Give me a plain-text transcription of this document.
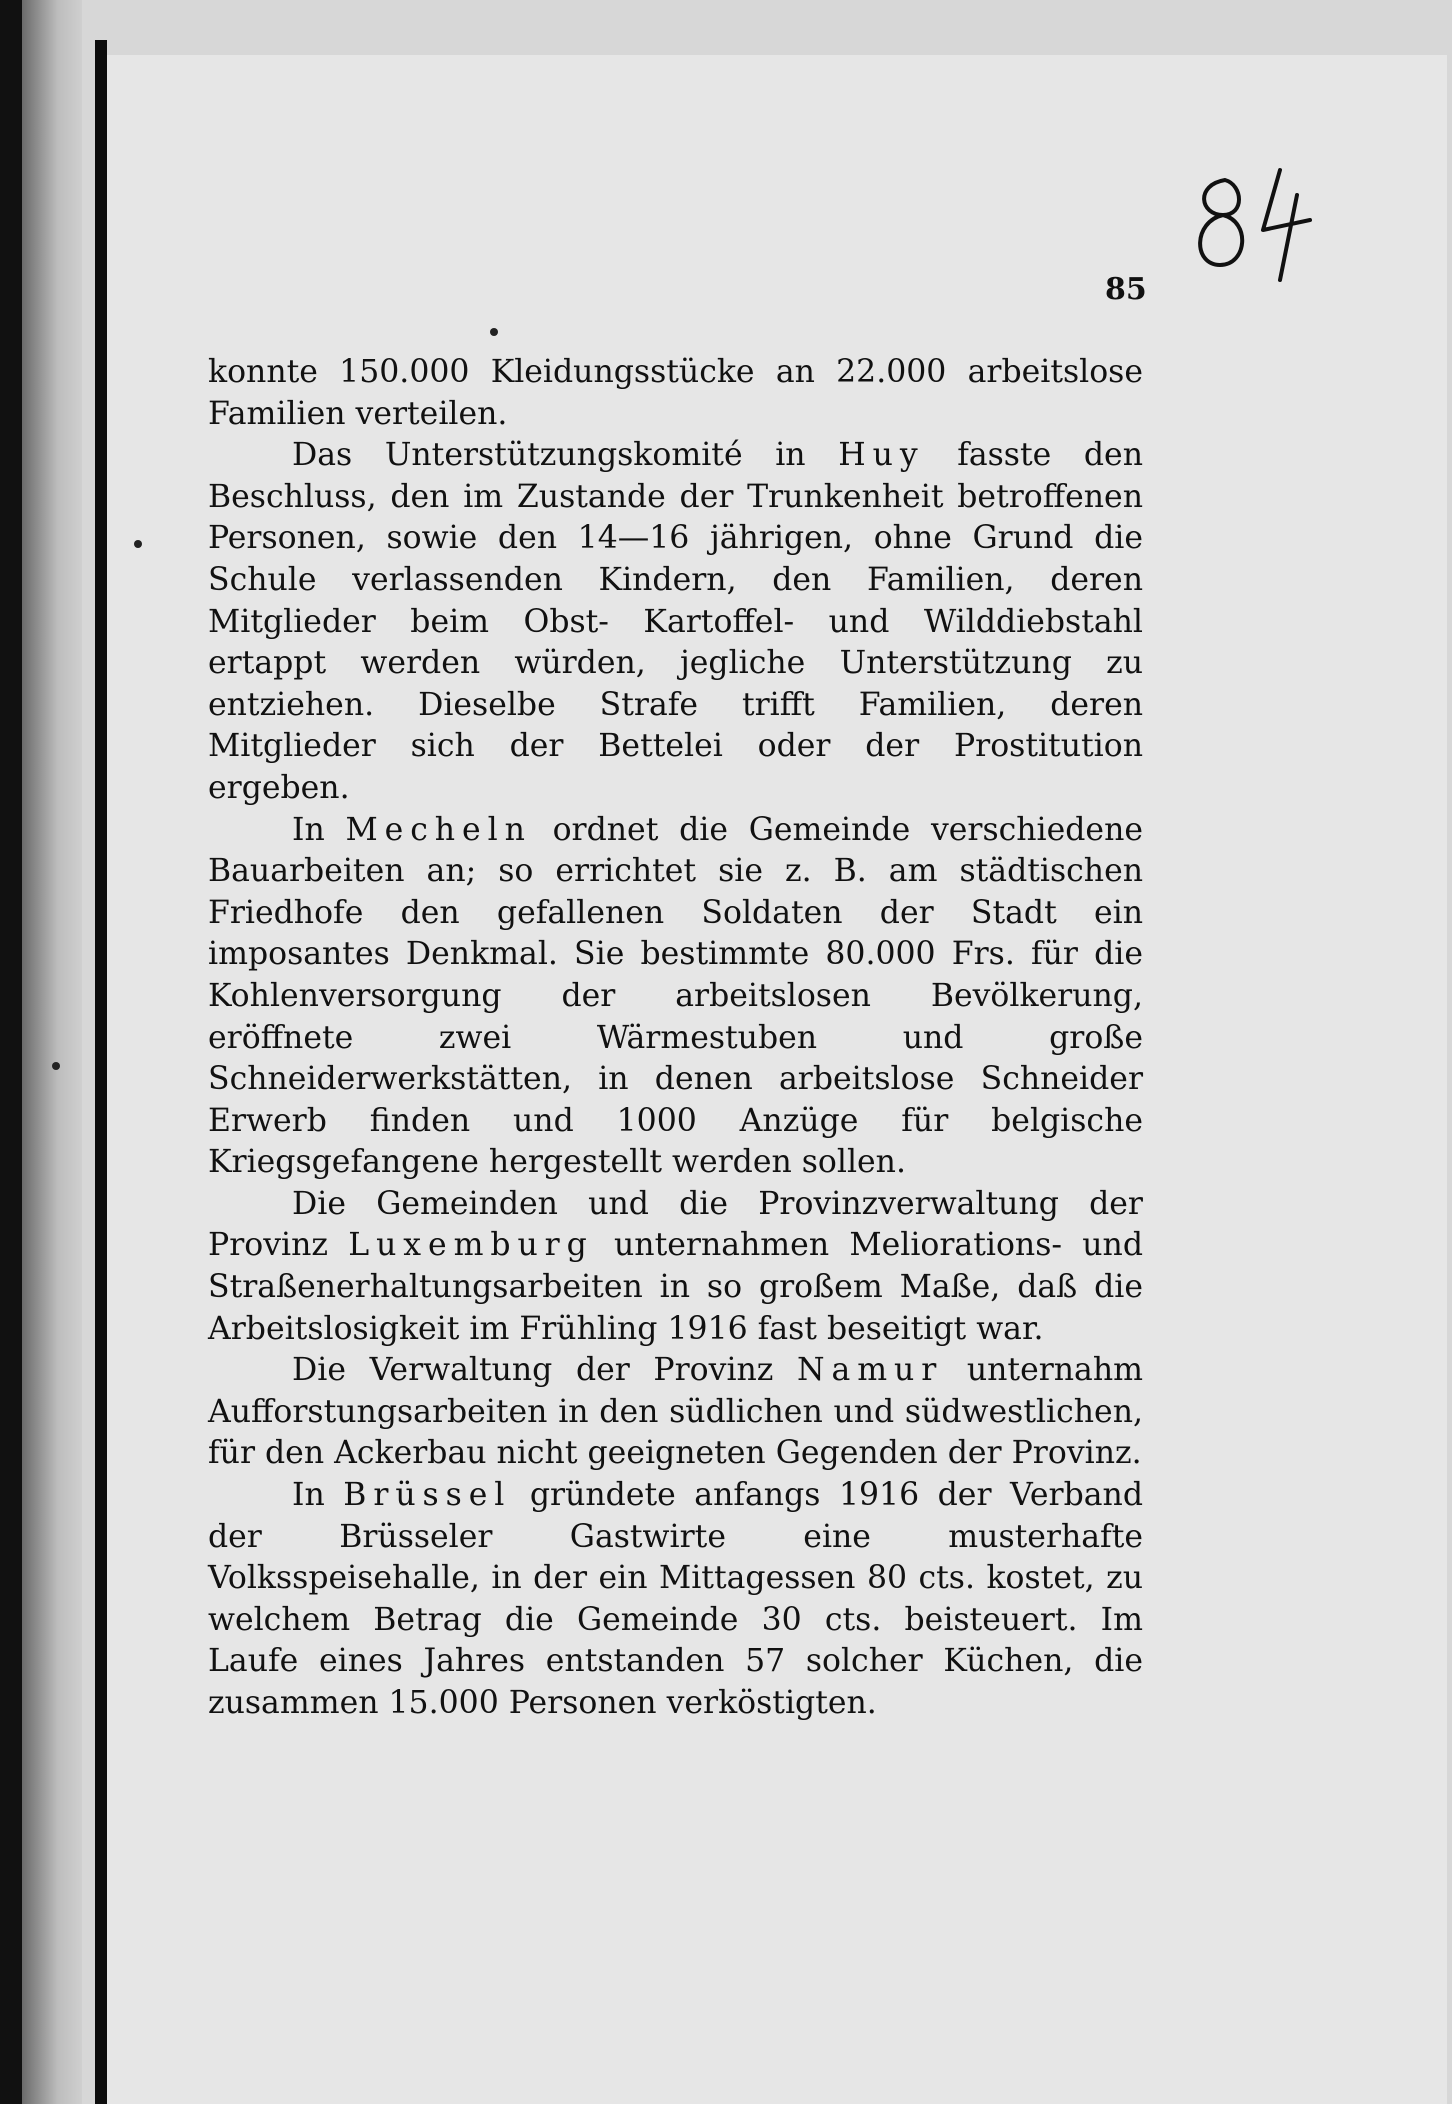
85

konnte 150.000 Kleidungsstücke an 22.000 arbeitslose Familien verteilen.

Das Unterstützungskomité in Huy fasste den Beschluss, den im Zustande der Trunkenheit betroffenen Personen, sowie den 14—16 jährigen, ohne Grund die Schule verlassenden Kindern, den Familien, deren Mitglieder beim Obst- Kartoffel- und Wilddiebstahl ertappt werden würden, jegliche Unterstützung zu entziehen. Dieselbe Strafe trifft Familien, deren Mitglieder sich der Bettelei oder der Prostitution ergeben.

In Mecheln ordnet die Gemeinde verschiedene Bauarbeiten an; so errichtet sie z. B. am städtischen Friedhofe den gefallenen Soldaten der Stadt ein imposantes Denkmal. Sie bestimmte 80.000 Frs. für die Kohlenversorgung der arbeitslosen Bevölkerung, eröffnete zwei Wärmestuben und große Schneiderwerkstätten, in denen arbeitslose Schneider Erwerb finden und 1000 Anzüge für belgische Kriegsgefangene hergestellt werden sollen.

Die Gemeinden und die Provinzverwaltung der Provinz Luxemburg unternahmen Meliorations- und Straßenerhaltungsarbeiten in so großem Maße, daß die Arbeitslosigkeit im Frühling 1916 fast beseitigt war.

Die Verwaltung der Provinz Namur unternahm Aufforstungsarbeiten in den südlichen und südwestlichen, für den Ackerbau nicht geeigneten Gegenden der Provinz.

In Brüssel gründete anfangs 1916 der Verband der Brüsseler Gastwirte eine musterhafte Volksspeisehalle, in der ein Mittagessen 80 cts. kostet, zu welchem Betrag die Gemeinde 30 cts. beisteuert. Im Laufe eines Jahres entstanden 57 solcher Küchen, die zusammen 15.000 Personen verköstigten.
